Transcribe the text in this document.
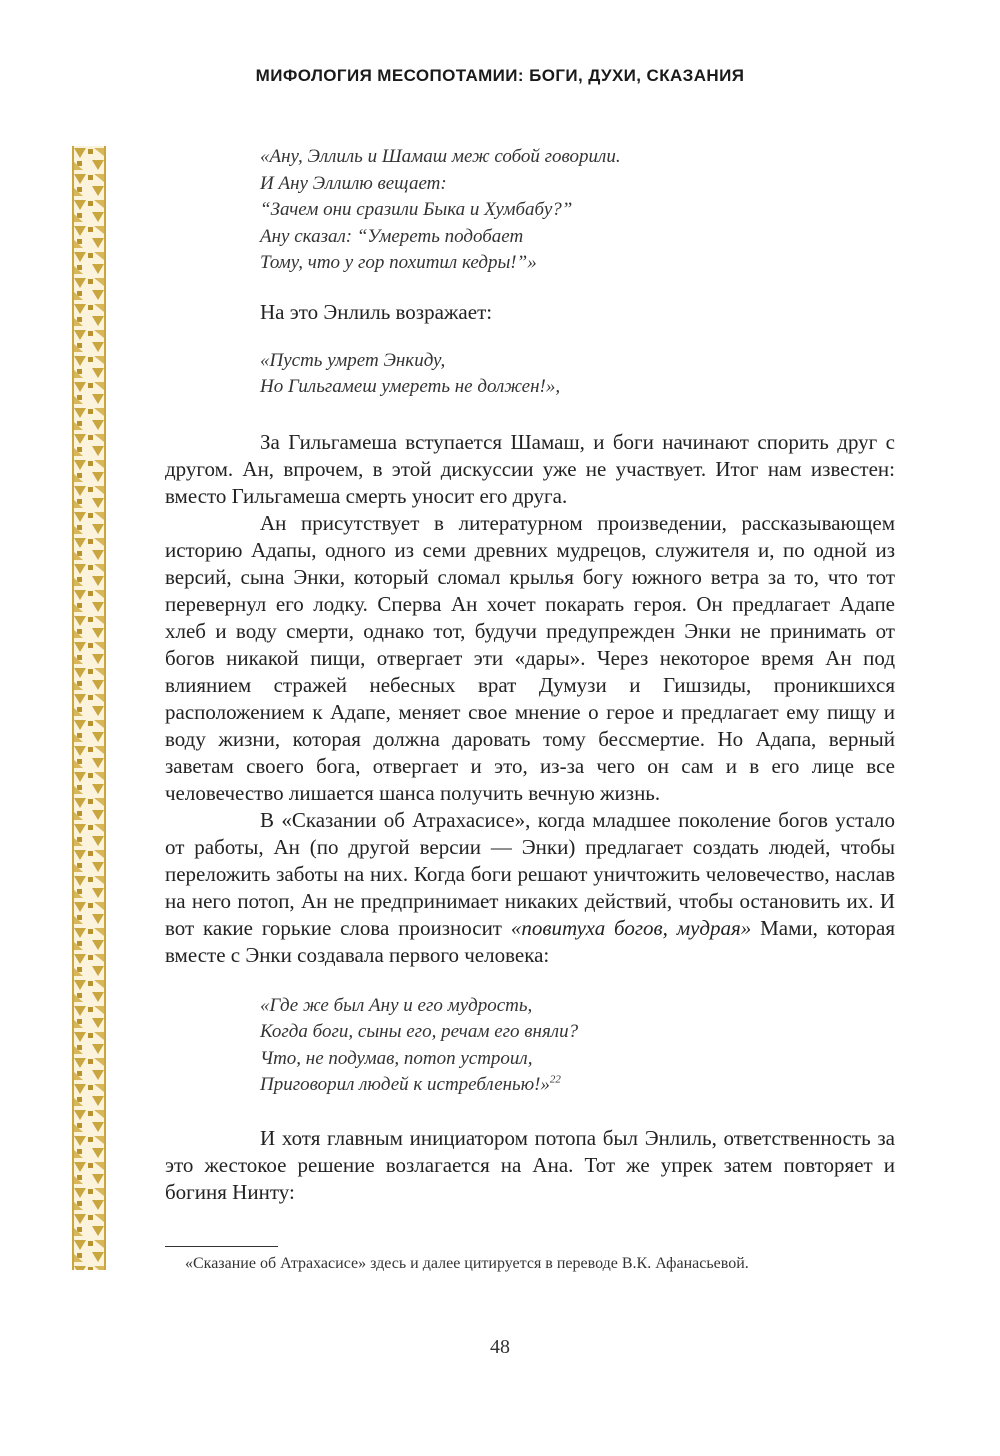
МИФОЛОГИЯ МЕСОПОТАМИИ: БОГИ, ДУХИ, СКАЗАНИЯ
«Ану, Эллиль и Шамаш меж собой говорили.
И Ану Эллилю вещает:
“Зачем они сразили Быка и Хумбабу?”
Ану сказал: “Умереть подобает
Тому, что у гор похитил кедры!”»

На это Энлиль возражает:

«Пусть умрет Энкиду,
Но Гильгамеш умереть не должен!»,

За Гильгамеша вступается Шамаш, и боги начинают спорить друг с другом. Ан, впрочем, в этой дискуссии уже не участвует. Итог нам известен: вместо Гильгамеша смерть уносит его друга.

Ан присутствует в литературном произведении, рассказывающем историю Адапы, одного из семи древних мудрецов, служителя и, по одной из версий, сына Энки, который сломал крылья богу южного ветра за то, что тот перевернул его лодку. Сперва Ан хочет покарать героя. Он предлагает Адапе хлеб и воду смерти, однако тот, будучи предупрежден Энки не принимать от богов никакой пищи, отвергает эти «дары». Через некоторое время Ан под влиянием стражей небесных врат Думузи и Гишзиды, проникшихся расположением к Адапе, меняет свое мнение о герое и предлагает ему пищу и воду жизни, которая должна даровать тому бессмертие. Но Адапа, верный заветам своего бога, отвергает и это, из-за чего он сам и в его лице все человечество лишается шанса получить вечную жизнь.

В «Сказании об Атрахасисе», когда младшее поколение богов устало от работы, Ан (по другой версии — Энки) предлагает создать людей, чтобы переложить заботы на них. Когда боги решают уничтожить человечество, наслав на него потоп, Ан не предпринимает никаких действий, чтобы остановить их. И вот какие горькие слова произносит «повитуха богов, мудрая» Мами, которая вместе с Энки создавала первого человека:

«Где же был Ану и его мудрость,
Когда боги, сыны его, речам его вняли?
Что, не подумав, потоп устроил,
Приговорил людей к истребленью!»$^{22}$

И хотя главным инициатором потопа был Энлиль, ответственность за это жестокое решение возлагается на Ана. Тот же упрек затем повторяет и богиня Нинту:

«Сказание об Атрахасисе» здесь и далее цитируется в переводе В.К. Афанасьевой.
48
